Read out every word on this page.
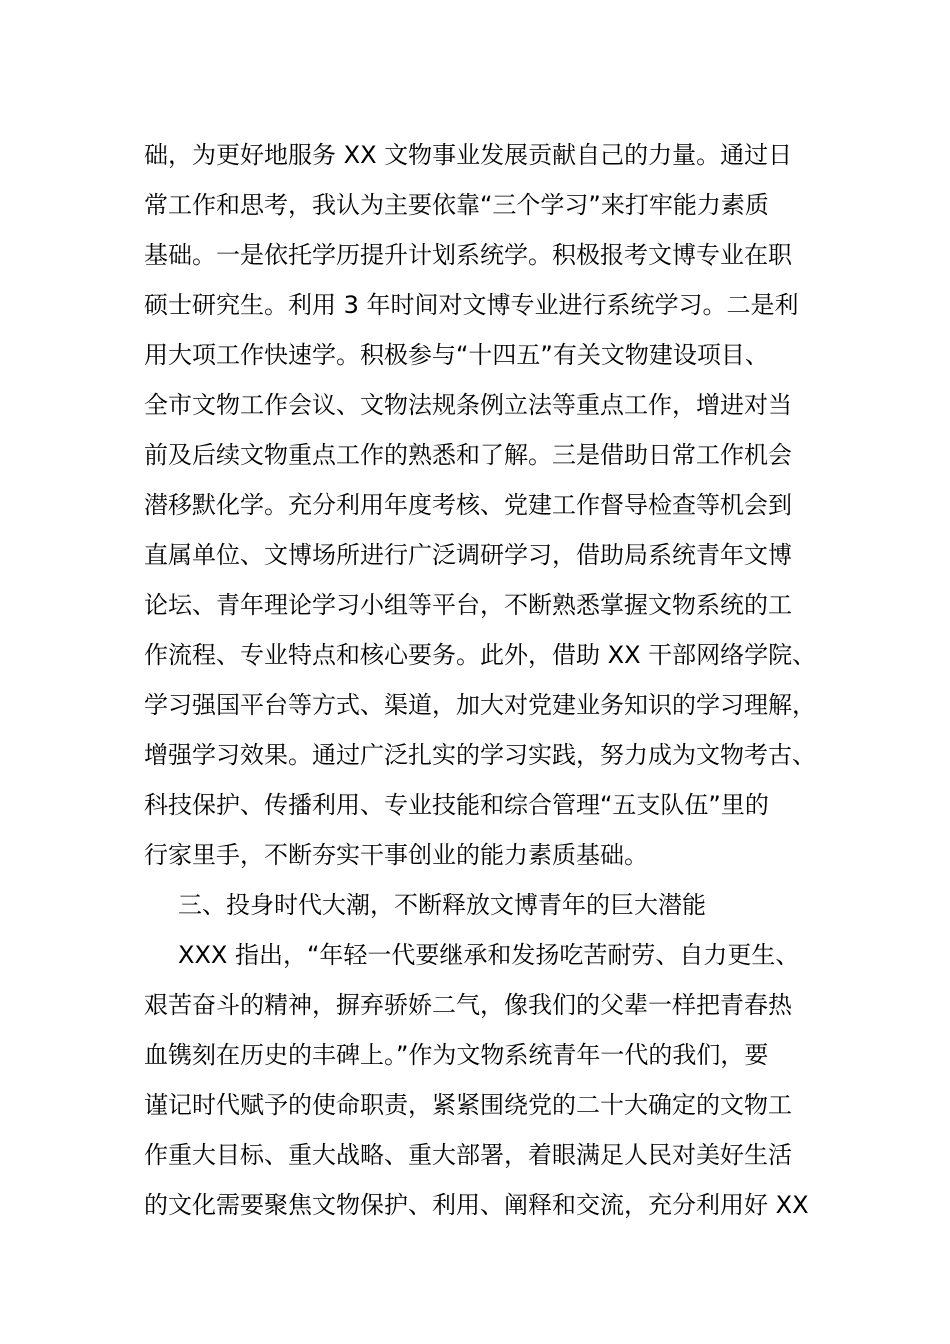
础，为更好地服务 XX 文物事业发展贡献自己的力量。通过日
常工作和思考，我认为主要依靠“三个学习”来打牢能力素质
基础。一是依托学历提升计划系统学。积极报考文博专业在职
硕士研究生。利用 3 年时间对文博专业进行系统学习。二是利
用大项工作快速学。积极参与“十四五”有关文物建设项目、
全市文物工作会议、文物法规条例立法等重点工作，增进对当
前及后续文物重点工作的熟悉和了解。三是借助日常工作机会
潜移默化学。充分利用年度考核、党建工作督导检查等机会到
直属单位、文博场所进行广泛调研学习，借助局系统青年文博
论坛、青年理论学习小组等平台，不断熟悉掌握文物系统的工
作流程、专业特点和核心要务。此外，借助 XX 干部网络学院、
学习强国平台等方式、渠道，加大对党建业务知识的学习理解，
增强学习效果。通过广泛扎实的学习实践，努力成为文物考古、
科技保护、传播利用、专业技能和综合管理“五支队伍”里的
行家里手，不断夯实干事创业的能力素质基础。
三、投身时代大潮，不断释放文博青年的巨大潜能
XXX 指出，“年轻一代要继承和发扬吃苦耐劳、自力更生、
艰苦奋斗的精神，摒弃骄娇二气，像我们的父辈一样把青春热
血镌刻在历史的丰碑上。”作为文物系统青年一代的我们，要
谨记时代赋予的使命职责，紧紧围绕党的二十大确定的文物工
作重大目标、重大战略、重大部署，着眼满足人民对美好生活
的文化需要聚焦文物保护、利用、阐释和交流，充分利用好 XX
